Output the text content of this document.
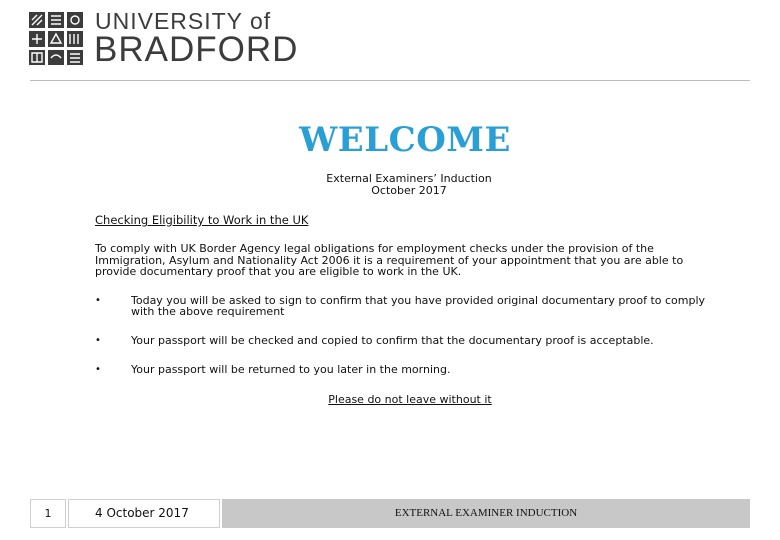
UNIVERSITY of
BRADFORD
WELCOME
External Examiners’ Induction
October 2017
Checking Eligibility to Work in the UK
To comply with UK Border Agency legal obligations for employment checks under the provision of the Immigration, Asylum and Nationality Act 2006 it is a requirement of your appointment that you are able to provide documentary proof that you are eligible to work in the UK.
•	Today you will be asked to sign to confirm that you have provided original documentary proof to comply with the above requirement
•	Your passport will be checked and copied to confirm that the documentary proof is acceptable.
•	Your passport will be returned to you later in the morning.
Please do not leave without it
1	4 October 2017	EXTERNAL EXAMINER INDUCTION
